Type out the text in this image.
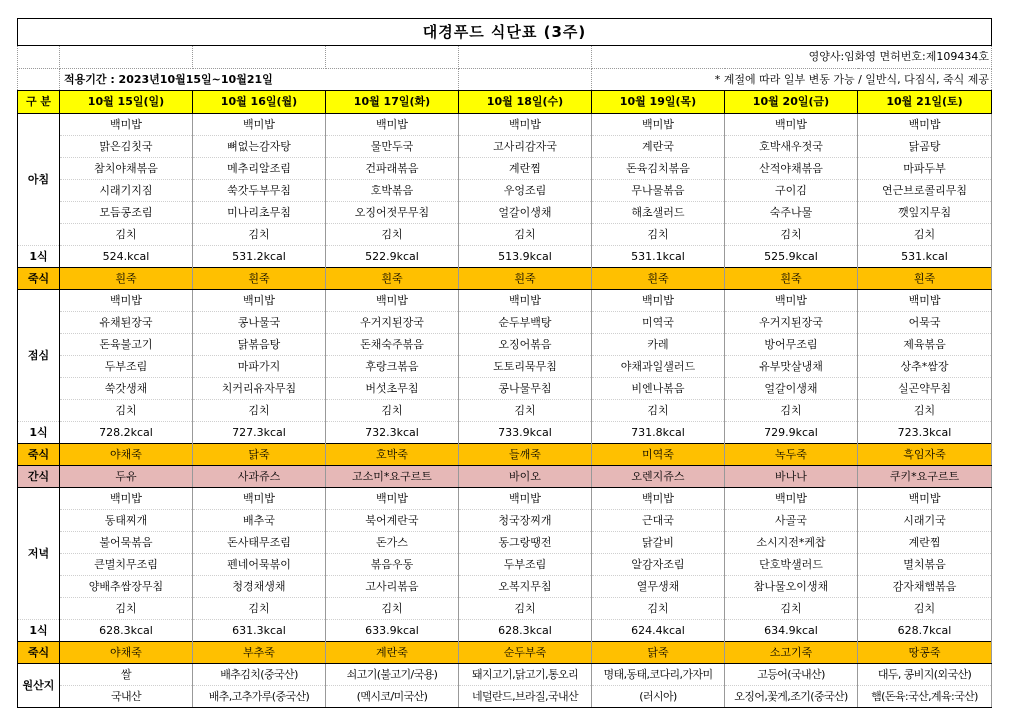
대경푸드 식단표 (3주)							
					영양사:임화영 면허번호:제109434호		
	적용기간 : 2023년10월15일~10월21일				* 계절에 따라 일부 변동 가능 / 일반식, 다짐식, 죽식 제공		
구 분	10월 15일(일)	10월 16일(월)	10월 17일(화)	10월 18일(수)	10월 19일(목)	10월 20일(금)	10월 21일(토)
아침	백미밥	백미밥	백미밥	백미밥	백미밥	백미밥	백미밥
	맑은김칫국	뼈없는감자탕	물만두국	고사리감자국	계란국	호박새우젓국	닭곰탕
	참치야채볶음	메추리알조림	건파래볶음	계란찜	돈육김치볶음	산적야채볶음	마파두부
	시래기지짐	쑥갓두부무침	호박볶음	우엉조림	무나물볶음	구이김	연근브로콜리무침
	모듬콩조림	미나리초무침	오징어젓무무침	얼갈이생채	해초샐러드	숙주나물	깻잎지무침
	김치	김치	김치	김치	김치	김치	김치
1식	524.kcal	531.2kcal	522.9kcal	513.9kcal	531.1kcal	525.9kcal	531.kcal
죽식	흰죽	흰죽	흰죽	흰죽	흰죽	흰죽	흰죽
점심	백미밥	백미밥	백미밥	백미밥	백미밥	백미밥	백미밥
	유채된장국	콩나물국	우거지된장국	순두부백탕	미역국	우거지된장국	어묵국
	돈육불고기	닭볶음탕	돈채숙주볶음	오징어볶음	카레	방어무조림	제육볶음
	두부조림	마파가지	후랑크볶음	도토리묵무침	야채과일샐러드	유부맛살냉채	상추*쌈장
	쑥갓생채	치커리유자무침	버섯초무침	콩나물무침	비엔나볶음	얼갈이생채	실곤약무침
	김치	김치	김치	김치	김치	김치	김치
1식	728.2kcal	727.3kcal	732.3kcal	733.9kcal	731.8kcal	729.9kcal	723.3kcal
죽식	야채죽	닭죽	호박죽	들깨죽	미역죽	녹두죽	흑임자죽
간식	두유	사과쥬스	고소미*요구르트	바이오	오렌지쥬스	바나나	쿠키*요구르트
저녁	백미밥	백미밥	백미밥	백미밥	백미밥	백미밥	백미밥
	동태찌개	배추국	북어계란국	청국장찌개	근대국	사골국	시래기국
	불어묵볶음	돈사태무조림	돈가스	동그랑땡전	닭갈비	소시지전*케찹	계란찜
	큰멸치무조림	펜네어묵볶이	볶음우동	두부조림	알감자조림	단호박샐러드	멸치볶음
	양배추쌈장무침	청경채생채	고사리볶음	오복지무침	열무생채	참나물오이생채	감자채햄볶음
	김치	김치	김치	김치	김치	김치	김치
1식	628.3kcal	631.3kcal	633.9kcal	628.3kcal	624.4kcal	634.9kcal	628.7kcal
죽식	야채죽	부추죽	계란죽	순두부죽	닭죽	소고기죽	땅콩죽
원산지	쌀	배추김치(중국산)	쇠고기(불고기/국용)	돼지고기,닭고기,통오리	명태,동태,코다리,가자미	고등어(국내산)	대두, 콩비지(외국산)
	국내산	배추,고추가루(중국산)	(멕시코/미국산)	네덜란드,브라질,국내산	(러시아)	오징어,꽃게,조기(중국산)	햄(돈육:국산,계육:국산)
